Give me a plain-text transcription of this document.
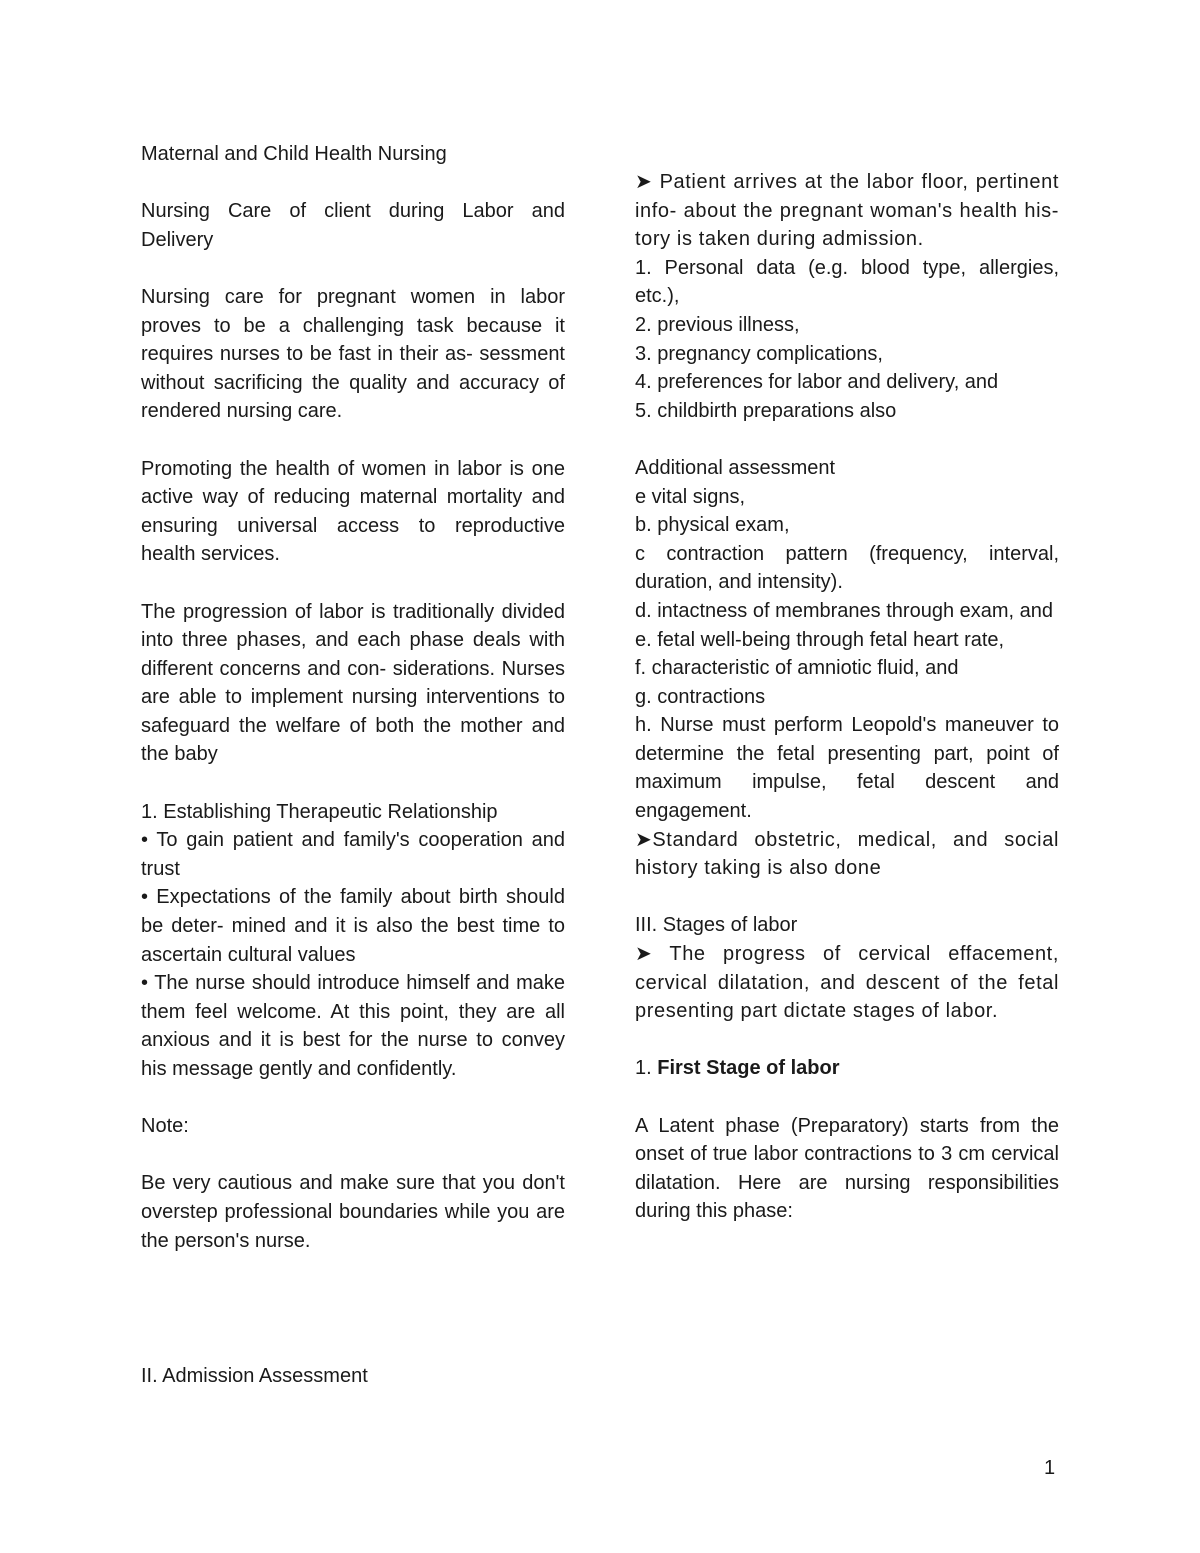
Maternal and Child Health Nursing

Nursing Care of client during Labor and Delivery

Nursing care for pregnant women in labor proves to be a challenging task because it requires nurses to be fast in their as- sessment without sacrificing the quality and accuracy of rendered nursing care.

Promoting the health of women in labor is one active way of reducing maternal mortality and ensuring universal access to reproductive health services.

The progression of labor is traditionally divided into three phases, and each phase deals with different concerns and con- siderations. Nurses are able to implement nursing interventions to safeguard the welfare of both the mother and the baby

1. Establishing Therapeutic Relationship

• To gain patient and family's cooperation and trust

• Expectations of the family about birth should be deter- mined and it is also the best time to ascertain cultural values

• The nurse should introduce himself and make them feel welcome. At this point, they are all anxious and it is best for the nurse to convey his message gently and confidently.

Note:

Be very cautious and make sure that you don't overstep professional boundaries while you are the person's nurse.

II. Admission Assessment

➤ Patient arrives at the labor floor, pertinent info- about the pregnant woman's health his- tory is taken during admission.

1. Personal data (e.g. blood type, allergies, etc.),

2. previous illness,

3. pregnancy complications,

4. preferences for labor and delivery, and

5. childbirth preparations also

Additional assessment

e vital signs,

b. physical exam,

c contraction pattern (frequency, interval, duration, and intensity).

d. intactness of membranes through exam, and

e. fetal well-being through fetal heart rate,

f. characteristic of amniotic fluid, and

g. contractions

h. Nurse must perform Leopold's maneuver to determine the fetal presenting part, point of maximum impulse, fetal descent and engagement.

➤Standard obstetric, medical, and social history taking is also done

III. Stages of labor

➤ The progress of cervical effacement, cervical dilatation, and descent of the fetal presenting part dictate stages of labor.

1. First Stage of labor

A Latent phase (Preparatory) starts from the onset of true labor contractions to 3 cm cervical dilatation. Here are nursing responsibilities during this phase:

1
